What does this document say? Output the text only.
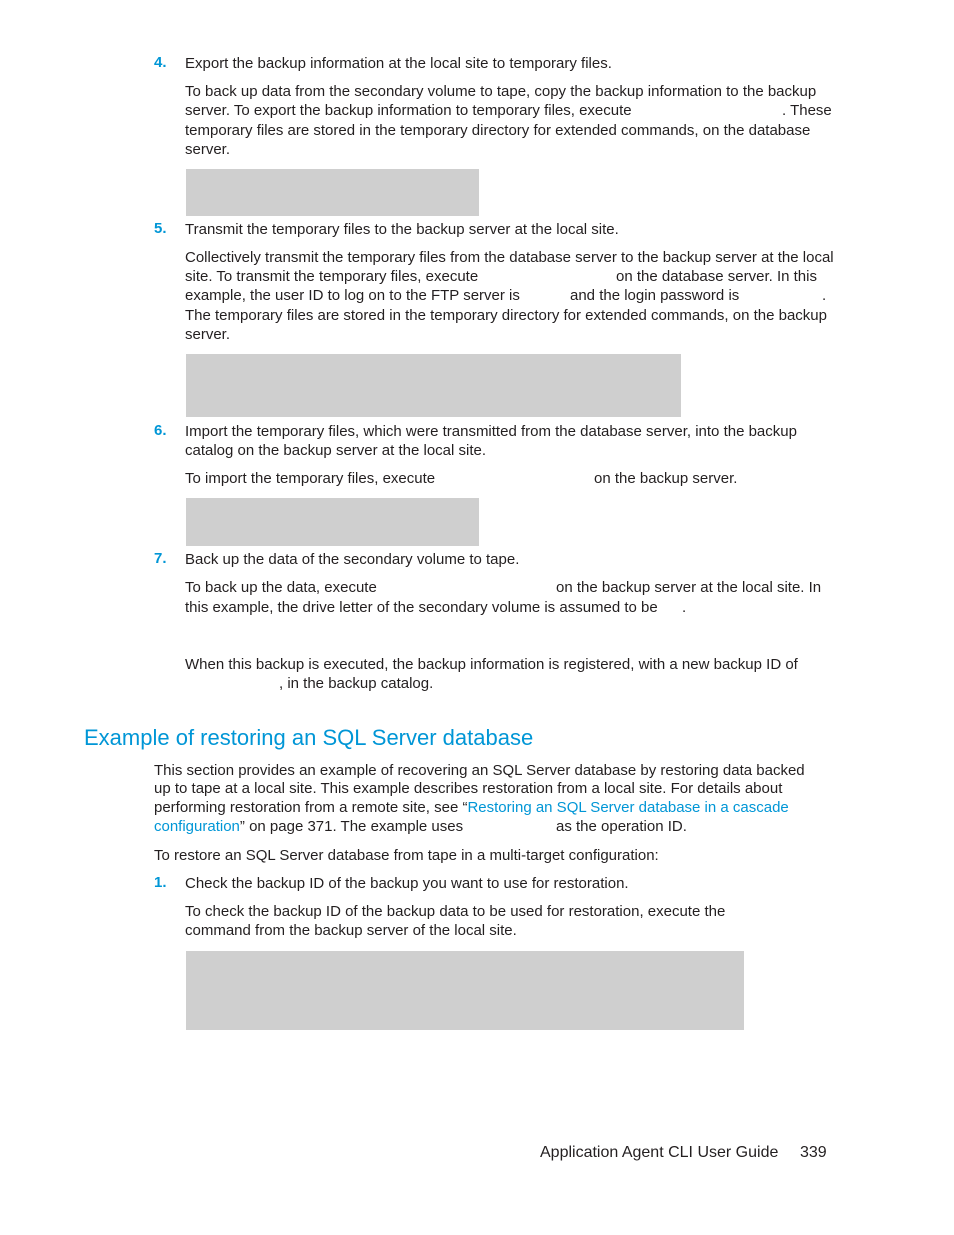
4. Export the backup information at the local site to temporary files.
To back up data from the secondary volume to tape, copy the backup information to the backup
server. To export the backup information to temporary files, execute	. These
temporary files are stored in the temporary directory for extended commands, on the database
server.
5. Transmit the temporary files to the backup server at the local site.
Collectively transmit the temporary files from the database server to the backup server at the local
site. To transmit the temporary files, execute	on the database server. In this
example, the user ID to log on to the FTP server is	and the login password is	.
The temporary files are stored in the temporary directory for extended commands, on the backup
server.
6. Import the temporary files, which were transmitted from the database server, into the backup
catalog on the backup server at the local site.
To import the temporary files, execute	on the backup server.
7. Back up the data of the secondary volume to tape.
To back up the data, execute	on the backup server at the local site. In
this example, the drive letter of the secondary volume is assumed to be .
When this backup is executed, the backup information is registered, with a new backup ID of
, in the backup catalog.
Example of restoring an SQL Server database
This section provides an example of recovering an SQL Server database by restoring data backed
up to tape at a local site. This example describes restoration from a local site. For details about
performing restoration from a remote site, see “Restoring an SQL Server database in a cascade
configuration” on page 371. The example uses	as the operation ID.
To restore an SQL Server database from tape in a multi-target configuration:
1. Check the backup ID of the backup you want to use for restoration.
To check the backup ID of the backup data to be used for restoration, execute the
command from the backup server of the local site.
Application Agent CLI User Guide 339
